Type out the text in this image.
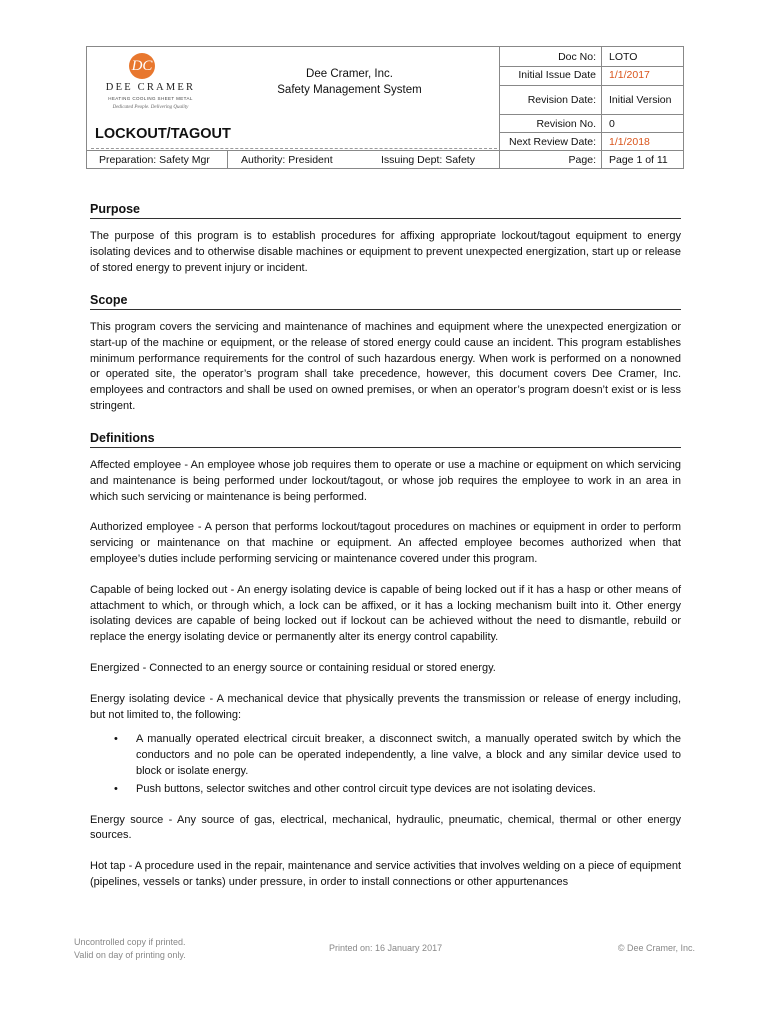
DC
DEE CRAMER
HEATING COOLING SHEET METAL
Dedicated People. Delivering Quality
Dee Cramer, Inc.
Safety Management System
LOCKOUT/TAGOUT
Preparation: Safety Mgr	Authority: President	Issuing Dept: Safety
Doc No: LOTO
Initial Issue Date 1/1/2017
Revision Date: Initial Version
Revision No. 0
Next Review Date: 1/1/2018
Page: Page 1 of 11
Purpose

The purpose of this program is to establish procedures for affixing appropriate lockout/tagout equipment to energy isolating devices and to otherwise disable machines or equipment to prevent unexpected energization, start up or release of stored energy to prevent injury or incident.

Scope

This program covers the servicing and maintenance of machines and equipment where the unexpected energization or start-up of the machine or equipment, or the release of stored energy could cause an incident. This program establishes minimum performance requirements for the control of such hazardous energy. When work is performed on a nonowned or operated site, the operator’s program shall take precedence, however, this document covers Dee Cramer, Inc. employees and contractors and shall be used on owned premises, or when an operator’s program doesn’t exist or is less stringent.

Definitions

Affected employee - An employee whose job requires them to operate or use a machine or equipment on which servicing and maintenance is being performed under lockout/tagout, or whose job requires the employee to work in an area in which such servicing or maintenance is being performed.

Authorized employee - A person that performs lockout/tagout procedures on machines or equipment in order to perform servicing or maintenance on that machine or equipment. An affected employee becomes authorized when that employee’s duties include performing servicing or maintenance covered under this program.

Capable of being locked out - An energy isolating device is capable of being locked out if it has a hasp or other means of attachment to which, or through which, a lock can be affixed, or it has a locking mechanism built into it. Other energy isolating devices are capable of being locked out if lockout can be achieved without the need to dismantle, rebuild or replace the energy isolating device or permanently alter its energy control capability.

Energized - Connected to an energy source or containing residual or stored energy.

Energy isolating device - A mechanical device that physically prevents the transmission or release of energy including, but not limited to, the following:

• A manually operated electrical circuit breaker, a disconnect switch, a manually operated switch by which the conductors and no pole can be operated independently, a line valve, a block and any similar device used to block or isolate energy.
• Push buttons, selector switches and other control circuit type devices are not isolating devices.

Energy source - Any source of gas, electrical, mechanical, hydraulic, pneumatic, chemical, thermal or other energy sources.

Hot tap - A procedure used in the repair, maintenance and service activities that involves welding on a piece of equipment (pipelines, vessels or tanks) under pressure, in order to install connections or other appurtenances

Uncontrolled copy if printed.
Valid on day of printing only.
Printed on: 16 January 2017	© Dee Cramer, Inc.
